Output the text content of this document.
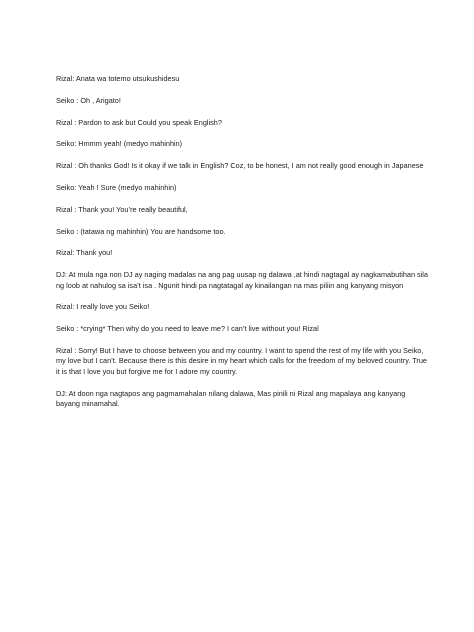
Rizal: Anata wa totemo utsukushidesu

Seiko : Oh , Arigato!

Rizal : Pardon to ask but Could you speak English?

Seiko: Hmmm yeah! (medyo mahinhin)

Rizal : Oh thanks God! Is it okay if we talk in English? Coz, to be honest, I am not really good enough in Japanese

Seiko: Yeah ! Sure (medyo mahinhin)

Rizal : Thank you! You’re really beautiful,

Seiko : (tatawa ng mahinhin) You are handsome too.

Rizal: Thank you!

DJ: At mula nga non DJ ay naging madalas na ang pag uusap ng dalawa ,at hindi nagtagal ay nagkamabutihan sila ng loob at nahulog sa isa’t isa . Ngunit hindi pa nagtatagal ay kinailangan na mas piliin ang kanyang misyon

Rizal: I really love you Seiko!

Seiko : *crying* Then why do you need to leave me? I can’t live without you! Rizal

Rizal : Sorry! But I have to choose between you and my country. I want to spend the rest of my life with you Seiko, my love but I can’t. Because there is this desire in my heart which calls for the freedom of my beloved country. True it is that I love you but forgive me for I adore my country.

DJ: At doon nga nagtapos ang pagmamahalan nilang dalawa, Mas pinili ni Rizal ang mapalaya ang kanyang bayang minamahal.
